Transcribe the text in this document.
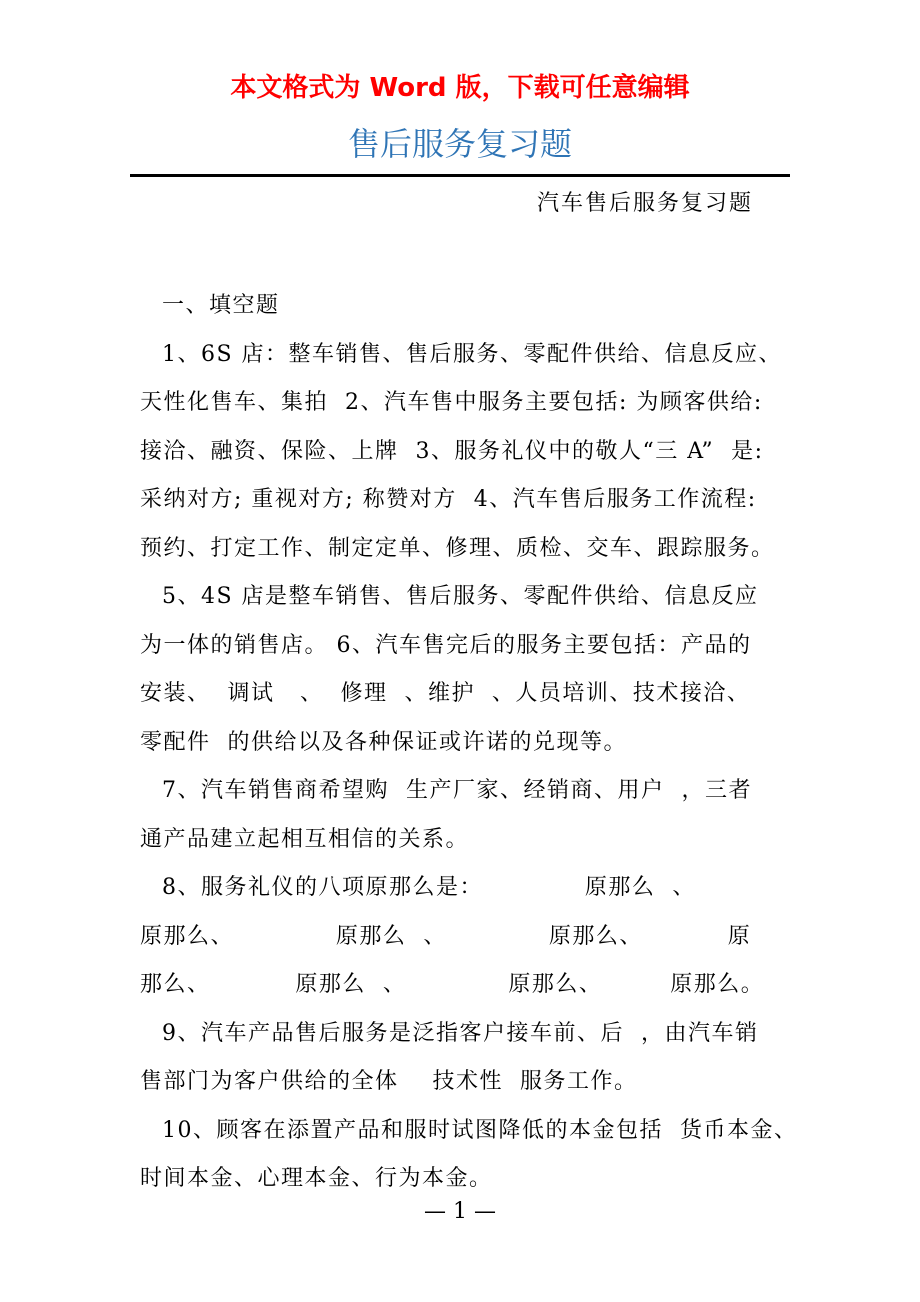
本文格式为 Word 版，下载可任意编辑
售后服务复习题
汽车售后服务复习题
一、填空题
1、6S 店：整车销售、售后服务、零配件供给、信息反应、
天性化售车、集拍  2、汽车售中服务主要包括: 为顾客供给:
接洽、融资、保险、上牌  3、服务礼仪中的敬人“三 A”  是:
采纳对方; 重视对方; 称赞对方  4、汽车售后服务工作流程:
预约、打定工作、制定定单、修理、质检、交车、跟踪服务。
5、4S 店是整车销售、售后服务、零配件供给、信息反应
为一体的销售店。 6、汽车售完后的服务主要包括：产品的
安装、  调试   、  修理  、维护  、人员培训、技术接洽、
零配件  的供给以及各种保证或许诺的兑现等。
7、汽车销售商希望购  生产厂家、经销商、用户  ，三者
通产品建立起相互相信的关系。
8、服务礼仪的八项原那么是：            原那么  、
原那么、            原那么  、            原那么、          原
那么、          原那么  、            原那么、        原那么。
9、汽车产品售后服务是泛指客户接车前、后  ，由汽车销
售部门为客户供给的全体    技术性  服务工作。
10、顾客在添置产品和服时试图降低的本金包括  货币本金、
时间本金、心理本金、行为本金。
— 1 —
